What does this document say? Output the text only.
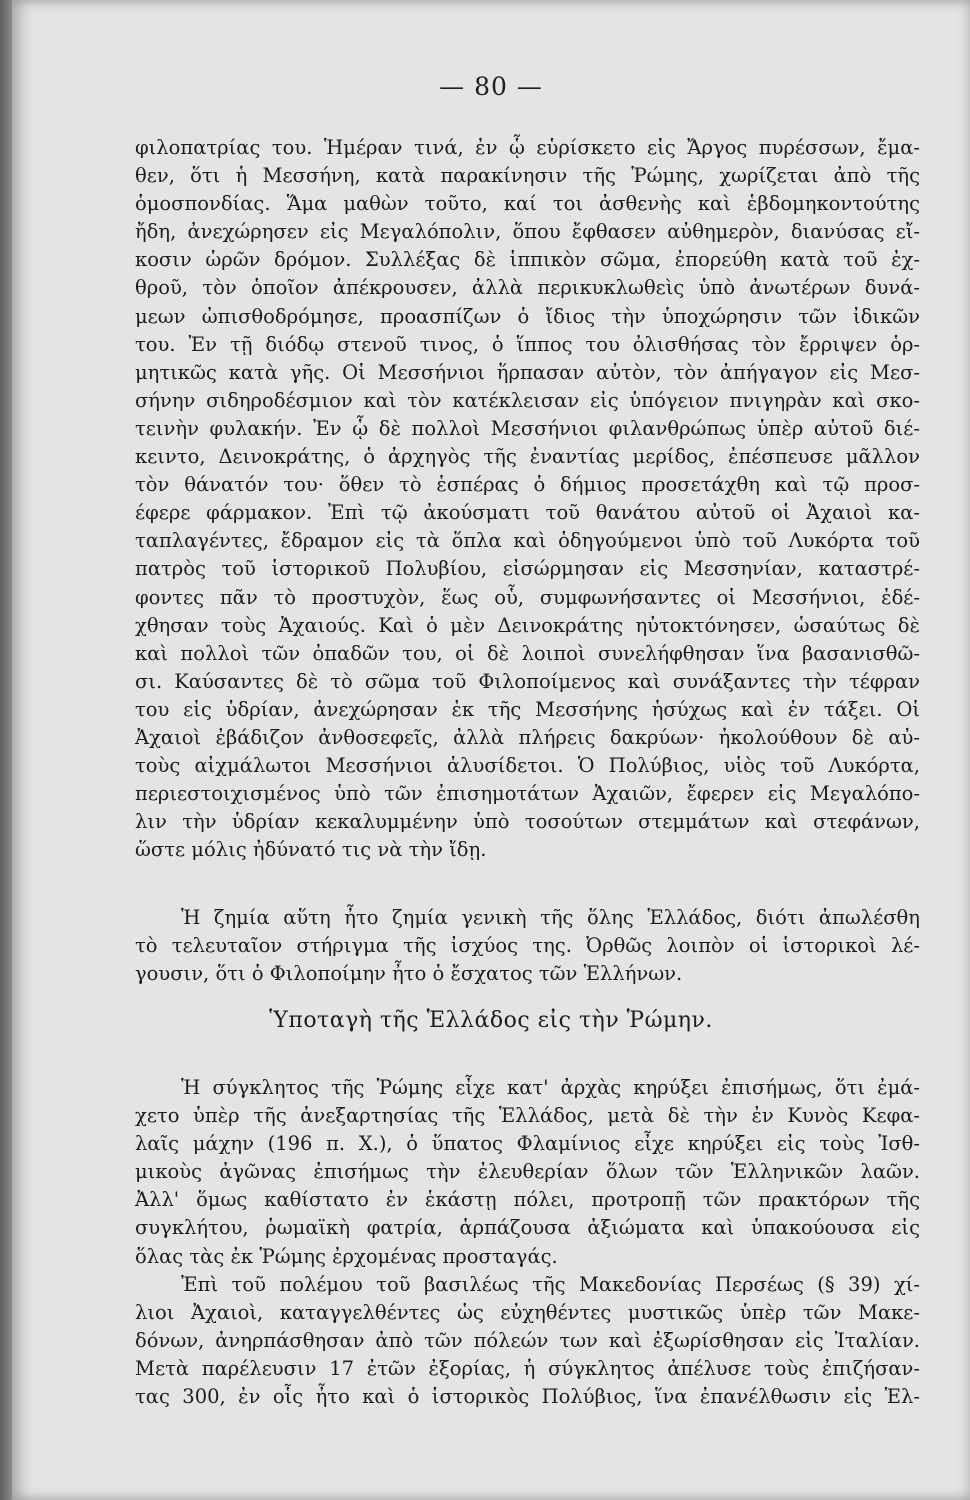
— 80 —

φιλοπατρίας του. Ἡμέραν τινά, ἐν ᾧ εὑρίσκετο εἰς Ἄργος πυρέσσων, ἔμα-

θεν, ὅτι ἡ Μεσσήνη, κατὰ παρακίνησιν τῆς Ῥώμης, χωρίζεται ἀπὸ τῆς

ὁμοσπονδίας. Ἅμα μαθὼν τοῦτο, καί τοι ἀσθενὴς καὶ ἑβδομηκοντούτης

ἤδη, ἀνεχώρησεν εἰς Μεγαλόπολιν, ὅπου ἔφθασεν αὐθημερὸν, διανύσας εἴ-

κοσιν ὡρῶν δρόμον. Συλλέξας δὲ ἱππικὸν σῶμα, ἐπορεύθη κατὰ τοῦ ἐχ-

θροῦ, τὸν ὁποῖον ἀπέκρουσεν, ἀλλὰ περικυκλωθεὶς ὑπὸ ἀνωτέρων δυνά-

μεων ὠπισθοδρόμησε, προασπίζων ὁ ἴδιος τὴν ὑποχώρησιν τῶν ἰδικῶν

του. Ἐν τῇ διόδῳ στενοῦ τινος, ὁ ἵππος του ὀλισθήσας τὸν ἔρριψεν ὁρ-

μητικῶς κατὰ γῆς. Οἱ Μεσσήνιοι ἥρπασαν αὐτὸν, τὸν ἀπήγαγον εἰς Μεσ-

σήνην σιδηροδέσμιον καὶ τὸν κατέκλεισαν εἰς ὑπόγειον πνιγηρὰν καὶ σκο-

τεινὴν φυλακήν. Ἐν ᾧ δὲ πολλοὶ Μεσσήνιοι φιλανθρώπως ὑπὲρ αὐτοῦ διέ-

κειντο, Δεινοκράτης, ὁ ἀρχηγὸς τῆς ἐναντίας μερίδος, ἐπέσπευσε μᾶλλον

τὸν θάνατόν του· ὅθεν τὸ ἑσπέρας ὁ δήμιος προσετάχθη καὶ τῷ προσ-

έφερε φάρμακον. Ἐπὶ τῷ ἀκούσματι τοῦ θανάτου αὐτοῦ οἱ Ἀχαιοὶ κα-

ταπλαγέντες, ἔδραμον εἰς τὰ ὅπλα καὶ ὁδηγούμενοι ὑπὸ τοῦ Λυκόρτα τοῦ

πατρὸς τοῦ ἱστορικοῦ Πολυβίου, εἰσώρμησαν εἰς Μεσσηνίαν, καταστρέ-

φοντες πᾶν τὸ προστυχὸν, ἕως οὗ, συμφωνήσαντες οἱ Μεσσήνιοι, ἐδέ-

χθησαν τοὺς Ἀχαιούς. Καὶ ὁ μὲν Δεινοκράτης ηὐτοκτόνησεν, ὡσαύτως δὲ

καὶ πολλοὶ τῶν ὀπαδῶν του, οἱ δὲ λοιποὶ συνελήφθησαν ἵνα βασανισθῶ-

σι. Καύσαντες δὲ τὸ σῶμα τοῦ Φιλοποίμενος καὶ συνάξαντες τὴν τέφραν

του εἰς ὑδρίαν, ἀνεχώρησαν ἐκ τῆς Μεσσήνης ἡσύχως καὶ ἐν τάξει. Οἱ

Ἀχαιοὶ ἐβάδιζον ἀνθοσεφεῖς, ἀλλὰ πλήρεις δακρύων· ἠκολούθουν δὲ αὐ-

τοὺς αἰχμάλωτοι Μεσσήνιοι ἀλυσίδετοι. Ὁ Πολύβιος, υἱὸς τοῦ Λυκόρτα,

περιεστοιχισμένος ὑπὸ τῶν ἐπισημοτάτων Ἀχαιῶν, ἔφερεν εἰς Μεγαλόπο-

λιν τὴν ὑδρίαν κεκαλυμμένην ὑπὸ τοσούτων στεμμάτων καὶ στεφάνων,

ὥστε μόλις ἠδύνατό τις νὰ τὴν ἴδῃ.

Ἡ ζημία αὕτη ἦτο ζημία γενικὴ τῆς ὅλης Ἑλλάδος, διότι ἀπωλέσθη

τὸ τελευταῖον στήριγμα τῆς ἰσχύος της. Ὀρθῶς λοιπὸν οἱ ἱστορικοὶ λέ-

γουσιν, ὅτι ὁ Φιλοποίμην ἦτο ὁ ἔσχατος τῶν Ἑλλήνων.

Ὑποταγὴ τῆς Ἑλλάδος εἰς τὴν Ῥώμην.

Ἡ σύγκλητος τῆς Ῥώμης εἶχε κατ' ἀρχὰς κηρύξει ἐπισήμως, ὅτι ἐμά-

χετο ὑπὲρ τῆς ἀνεξαρτησίας τῆς Ἑλλάδος, μετὰ δὲ τὴν ἐν Κυνὸς Κεφα-

λαῖς μάχην (196 π. Χ.), ὁ ὕπατος Φλαμίνιος εἶχε κηρύξει εἰς τοὺς Ἰσθ-

μικοὺς ἀγῶνας ἐπισήμως τὴν ἐλευθερίαν ὅλων τῶν Ἑλληνικῶν λαῶν.

Ἀλλ' ὅμως καθίστατο ἐν ἑκάστῃ πόλει, προτροπῇ τῶν πρακτόρων τῆς

συγκλήτου, ῥωμαϊκὴ φατρία, ἁρπάζουσα ἀξιώματα καὶ ὑπακούουσα εἰς

ὅλας τὰς ἐκ Ῥώμης ἐρχομένας προσταγάς.

Ἐπὶ τοῦ πολέμου τοῦ βασιλέως τῆς Μακεδονίας Περσέως (§ 39) χί-

λιοι Ἀχαιοὶ, καταγγελθέντες ὡς εὐχηθέντες μυστικῶς ὑπὲρ τῶν Μακε-

δόνων, ἀνηρπάσθησαν ἀπὸ τῶν πόλεών των καὶ ἐξωρίσθησαν εἰς Ἰταλίαν.

Μετὰ παρέλευσιν 17 ἐτῶν ἐξορίας, ἡ σύγκλητος ἀπέλυσε τοὺς ἐπιζήσαν-

τας 300, ἐν οἷς ἦτο καὶ ὁ ἱστορικὸς Πολύβιος, ἵνα ἐπανέλθωσιν εἰς Ἑλ-
